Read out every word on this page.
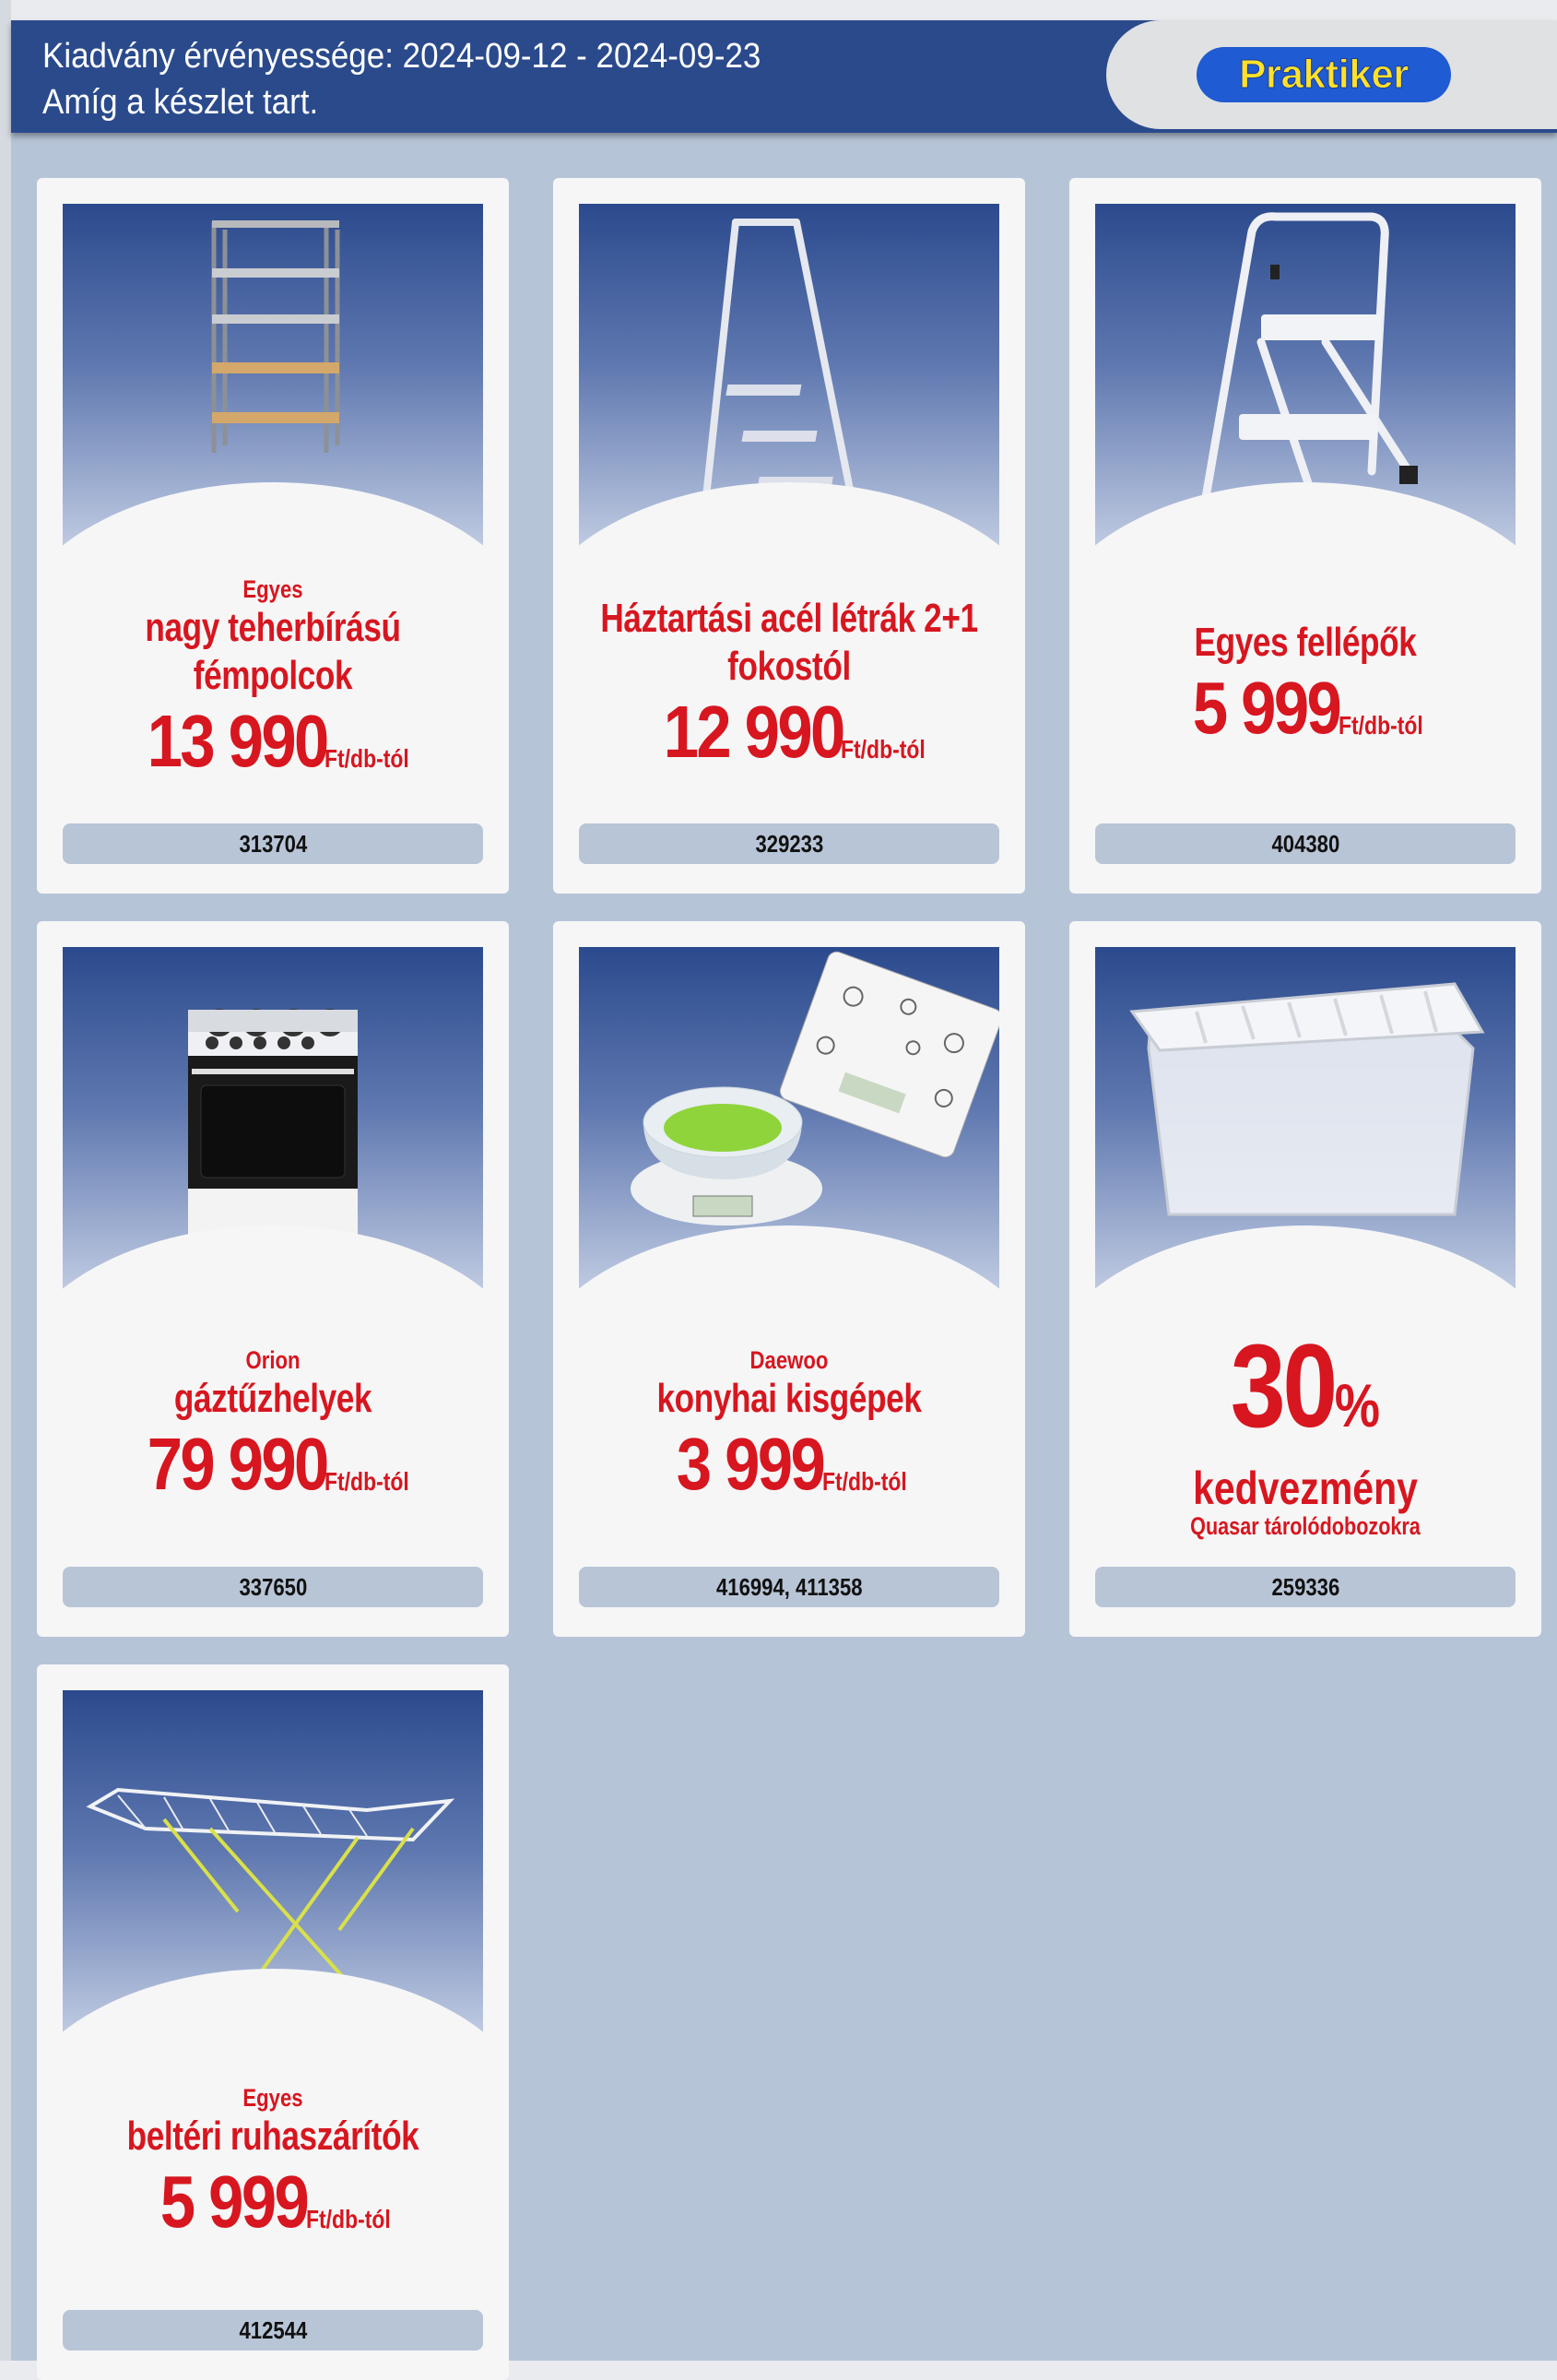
Kiadvány érvényessége: 2024-09-12 - 2024-09-23
Amíg a készlet tart.
Praktiker
Egyes
nagy teherbírású
fémpolcok
13 990
Ft/db-tól
313704
Háztartási acél létrák 2+1
fokostól
12 990
Ft/db-tól
329233
Egyes fellépők
5 999
Ft/db-tól
404380
Orion
gáztűzhelyek
79 990
Ft/db-tól
337650
Daewoo
konyhai kisgépek
3 999
Ft/db-tól
416994, 411358
30%
kedvezmény
Quasar tárolódobozokra
259336
Egyes
beltéri ruhaszárítók
5 999
Ft/db-tól
412544
